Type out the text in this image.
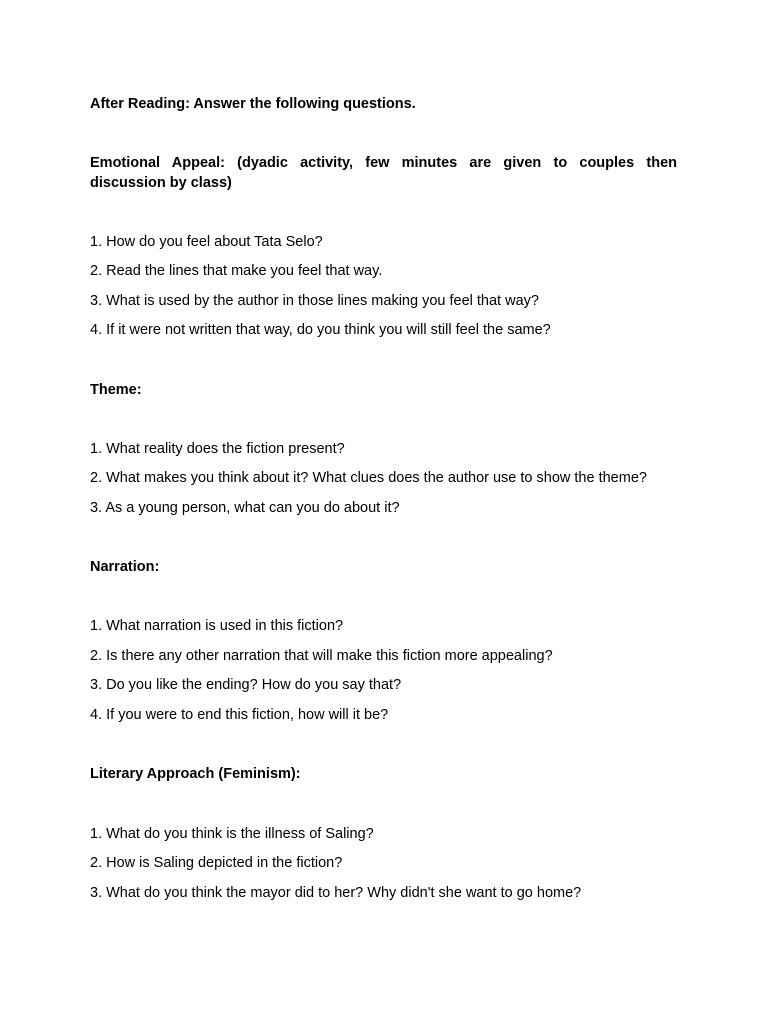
After Reading: Answer the following questions.
Emotional Appeal: (dyadic activity, few minutes are given to couples then
discussion by class)
1. How do you feel about Tata Selo?
2. Read the lines that make you feel that way.
3. What is used by the author in those lines making you feel that way?
4. If it were not written that way, do you think you will still feel the same?
Theme:
1. What reality does the fiction present?
2. What makes you think about it? What clues does the author use to show the theme?
3. As a young person, what can you do about it?
Narration:
1. What narration is used in this fiction?
2. Is there any other narration that will make this fiction more appealing?
3. Do you like the ending? How do you say that?
4. If you were to end this fiction, how will it be?
Literary Approach (Feminism):
1. What do you think is the illness of Saling?
2. How is Saling depicted in the fiction?
3. What do you think the mayor did to her? Why didn't she want to go home?
